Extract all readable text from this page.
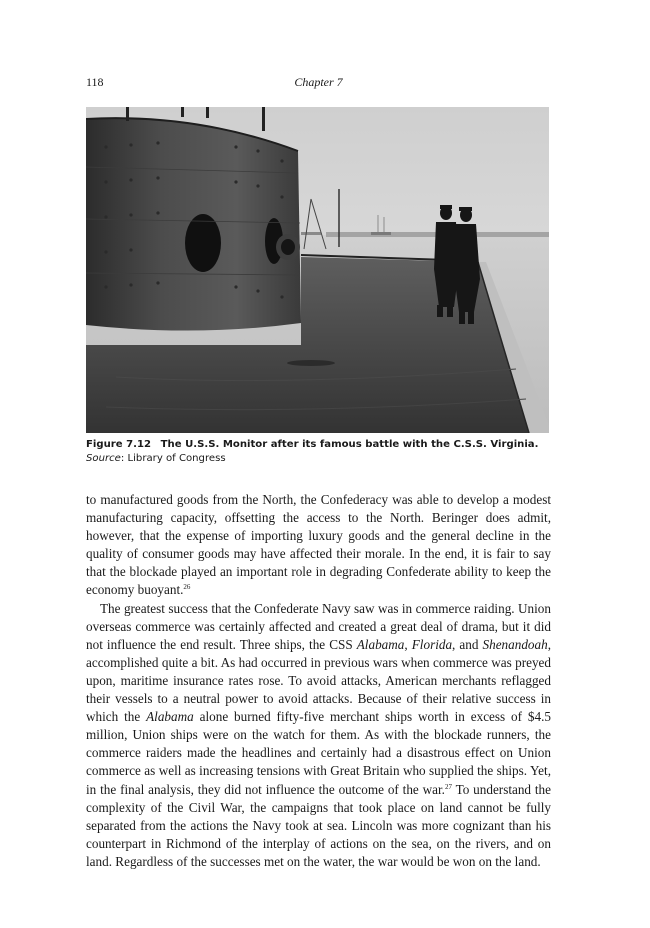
118	Chapter 7
Figure 7.12 The U.S.S. Monitor after its famous battle with the C.S.S. Virginia. Source: Library of Congress

to manufactured goods from the North, the Confederacy was able to develop a modest manufacturing capacity, offsetting the access to the North. Beringer does admit, however, that the expense of importing luxury goods and the general decline in the quality of consumer goods may have affected their morale. In the end, it is fair to say that the blockade played an important role in degrading Confederate ability to keep the economy buoyant.$^{26}$

The greatest success that the Confederate Navy saw was in commerce raiding. Union overseas commerce was certainly affected and created a great deal of drama, but it did not influence the end result. Three ships, the CSS Alabama, Florida, and Shenandoah, accomplished quite a bit. As had occurred in previous wars when commerce was preyed upon, maritime insurance rates rose. To avoid attacks, American merchants reflagged their vessels to a neutral power to avoid attacks. Because of their relative success in which the Alabama alone burned fifty-five merchant ships worth in excess of $4.5 million, Union ships were on the watch for them. As with the blockade runners, the commerce raiders made the headlines and certainly had a disastrous effect on Union commerce as well as increasing tensions with Great Britain who supplied the ships. Yet, in the final analysis, they did not influence the outcome of the war.$^{27}$ To understand the complexity of the Civil War, the campaigns that took place on land cannot be fully separated from the actions the Navy took at sea. Lincoln was more cognizant than his counterpart in Richmond of the interplay of actions on the sea, on the rivers, and on land. Regardless of the successes met on the water, the war would be won on the land.
